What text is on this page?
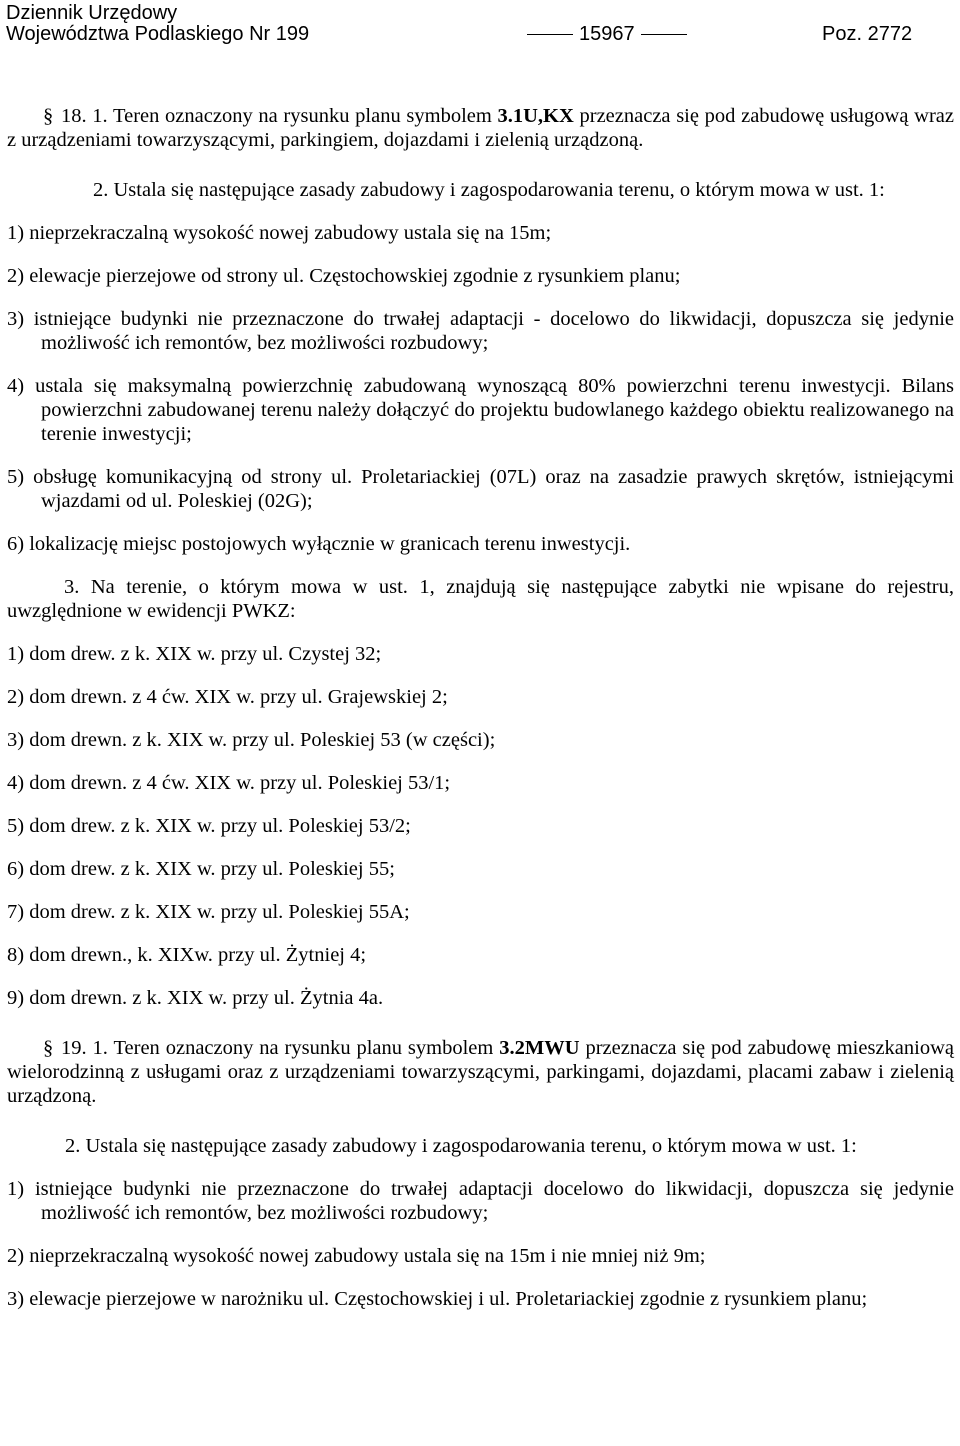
Dziennik Urzędowy
Województwa Podlaskiego Nr 199	15967	Poz. 2772

§ 18. 1. Teren oznaczony na rysunku planu symbolem 3.1U,KX przeznacza się pod zabudowę usługową wraz z urządzeniami towarzyszącymi, parkingiem, dojazdami i zielenią urządzoną.

2. Ustala się następujące zasady zabudowy i zagospodarowania terenu, o którym mowa w ust. 1:

1) nieprzekraczalną wysokość nowej zabudowy ustala się na 15m;

2) elewacje pierzejowe od strony ul. Częstochowskiej zgodnie z rysunkiem planu;

3) istniejące budynki nie przeznaczone do trwałej adaptacji - docelowo do likwidacji, dopuszcza się jedynie możliwość ich remontów, bez możliwości rozbudowy;

4) ustala się maksymalną powierzchnię zabudowaną wynoszącą 80% powierzchni terenu inwestycji. Bilans powierzchni zabudowanej terenu należy dołączyć do projektu budowlanego każdego obiektu realizowanego na terenie inwestycji;

5) obsługę komunikacyjną od strony ul. Proletariackiej (07L) oraz na zasadzie prawych skrętów, istniejącymi wjazdami od ul. Poleskiej (02G);

6) lokalizację miejsc postojowych wyłącznie w granicach terenu inwestycji.

3. Na terenie, o którym mowa w ust. 1, znajdują się następujące zabytki nie wpisane do rejestru, uwzględnione w ewidencji PWKZ:

1) dom drew. z k. XIX w. przy ul. Czystej 32;

2) dom drewn. z 4 ćw. XIX w. przy ul. Grajewskiej 2;

3) dom drewn. z k. XIX w. przy ul. Poleskiej 53 (w części);

4) dom drewn. z 4 ćw. XIX w. przy ul. Poleskiej 53/1;

5) dom drew. z k. XIX w. przy ul. Poleskiej 53/2;

6) dom drew. z k. XIX w. przy ul. Poleskiej 55;

7) dom drew. z k. XIX w. przy ul. Poleskiej 55A;

8) dom drewn., k. XIXw. przy ul. Żytniej 4;

9) dom drewn. z k. XIX w. przy ul. Żytnia 4a.

§ 19. 1. Teren oznaczony na rysunku planu symbolem 3.2MWU przeznacza się pod zabudowę mieszkaniową wielorodzinną z usługami oraz z urządzeniami towarzyszącymi, parkingami, dojazdami, placami zabaw i zielenią urządzoną.

2. Ustala się następujące zasady zabudowy i zagospodarowania terenu, o którym mowa w ust. 1:

1) istniejące budynki nie przeznaczone do trwałej adaptacji docelowo do likwidacji, dopuszcza się jedynie możliwość ich remontów, bez możliwości rozbudowy;

2) nieprzekraczalną wysokość nowej zabudowy ustala się na 15m i nie mniej niż 9m;

3) elewacje pierzejowe w narożniku ul. Częstochowskiej i ul. Proletariackiej zgodnie z rysunkiem planu;
